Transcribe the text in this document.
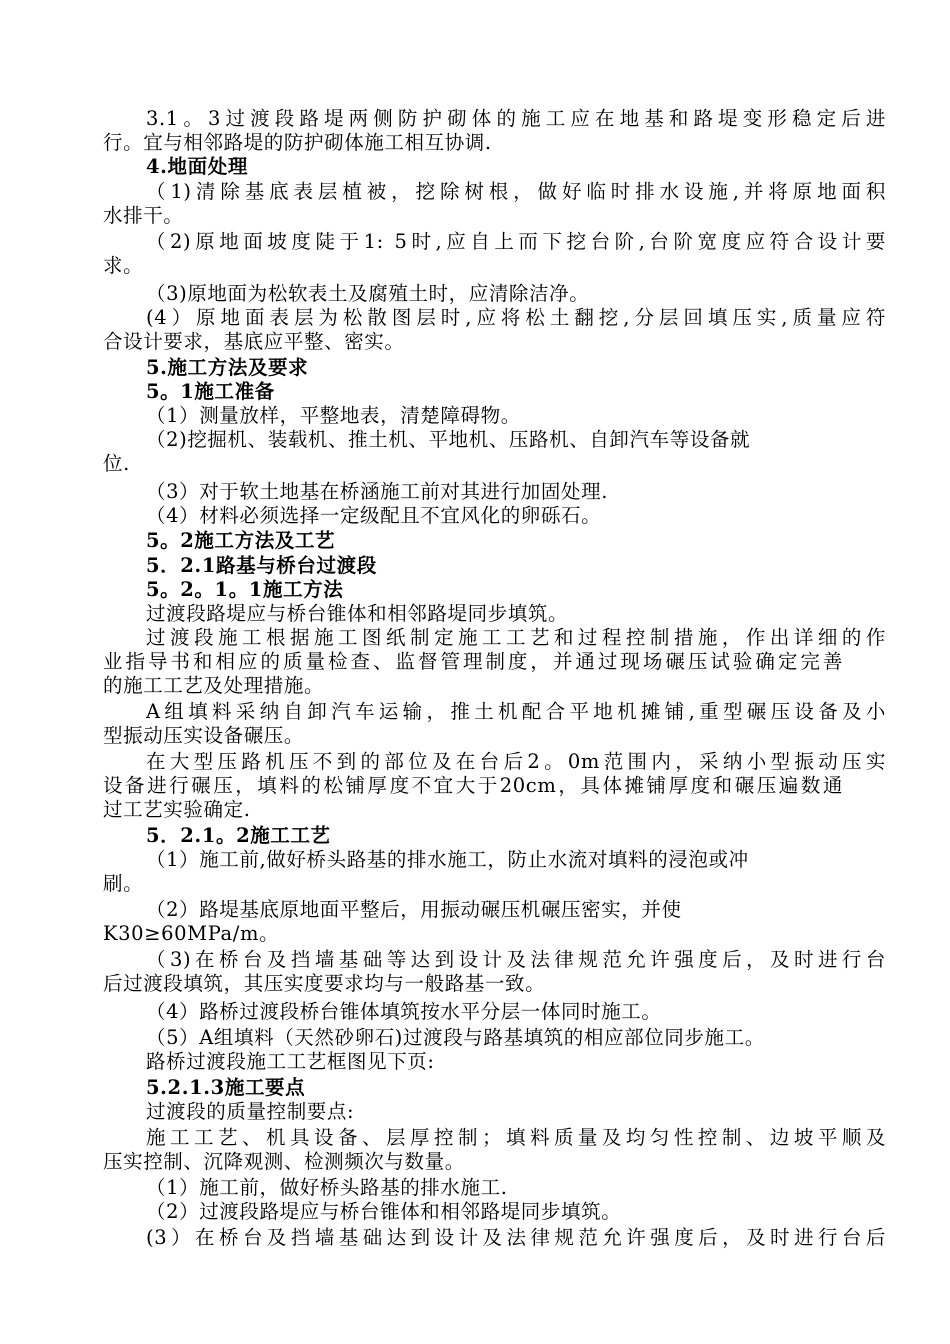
3.1。3过渡段路堤两侧防护砌体的施工应在地基和路堤变形稳定后进
行。宜与相邻路堤的防护砌体施工相互协调.
4.地面处理
（1)清除基底表层植被，挖除树根，做好临时排水设施,并将原地面积
水排干。
（2)原地面坡度陡于1: 5时,应自上而下挖台阶,台阶宽度应符合设计要
求。
（3)原地面为松软表土及腐殖土时，应清除洁净。
(4）原地面表层为松散图层时,应将松土翻挖,分层回填压实,质量应符
合设计要求，基底应平整、密实。
5.施工方法及要求
5。1施工准备
（1）测量放样，平整地表，清楚障碍物。
（2)挖掘机、装载机、推土机、平地机、压路机、自卸汽车等设备就
位.
（3）对于软土地基在桥涵施工前对其进行加固处理.
（4）材料必须选择一定级配且不宜风化的卵砾石。
5。2施工方法及工艺
5．2.1路基与桥台过渡段
5。2。1。1施工方法
过渡段路堤应与桥台锥体和相邻路堤同步填筑。
过渡段施工根据施工图纸制定施工工艺和过程控制措施，作出详细的作
业指导书和相应的质量检查、监督管理制度，并通过现场碾压试验确定完善
的施工工艺及处理措施。
A组填料采纳自卸汽车运输，推土机配合平地机摊铺,重型碾压设备及小
型振动压实设备碾压。
在大型压路机压不到的部位及在台后2。0m范围内，采纳小型振动压实
设备进行碾压，填料的松铺厚度不宜大于20cm，具体摊铺厚度和碾压遍数通
过工艺实验确定.
5．2.1。2施工工艺
（1）施工前,做好桥头路基的排水施工，防止水流对填料的浸泡或冲
刷。
（2）路堤基底原地面平整后，用振动碾压机碾压密实，并使
K30≥60MPa/m。
（3)在桥台及挡墙基础等达到设计及法律规范允许强度后，及时进行台
后过渡段填筑，其压实度要求均与一般路基一致。
（4）路桥过渡段桥台锥体填筑按水平分层一体同时施工。
（5）A组填料（天然砂卵石)过渡段与路基填筑的相应部位同步施工。
路桥过渡段施工工艺框图见下页:
5.2.1.3施工要点
过渡段的质量控制要点:
施工工艺、机具设备、层厚控制；填料质量及均匀性控制、边坡平顺及
压实控制、沉降观测、检测频次与数量。
（1）施工前，做好桥头路基的排水施工.
（2）过渡段路堤应与桥台锥体和相邻路堤同步填筑。
(3）在桥台及挡墙基础达到设计及法律规范允许强度后，及时进行台后
